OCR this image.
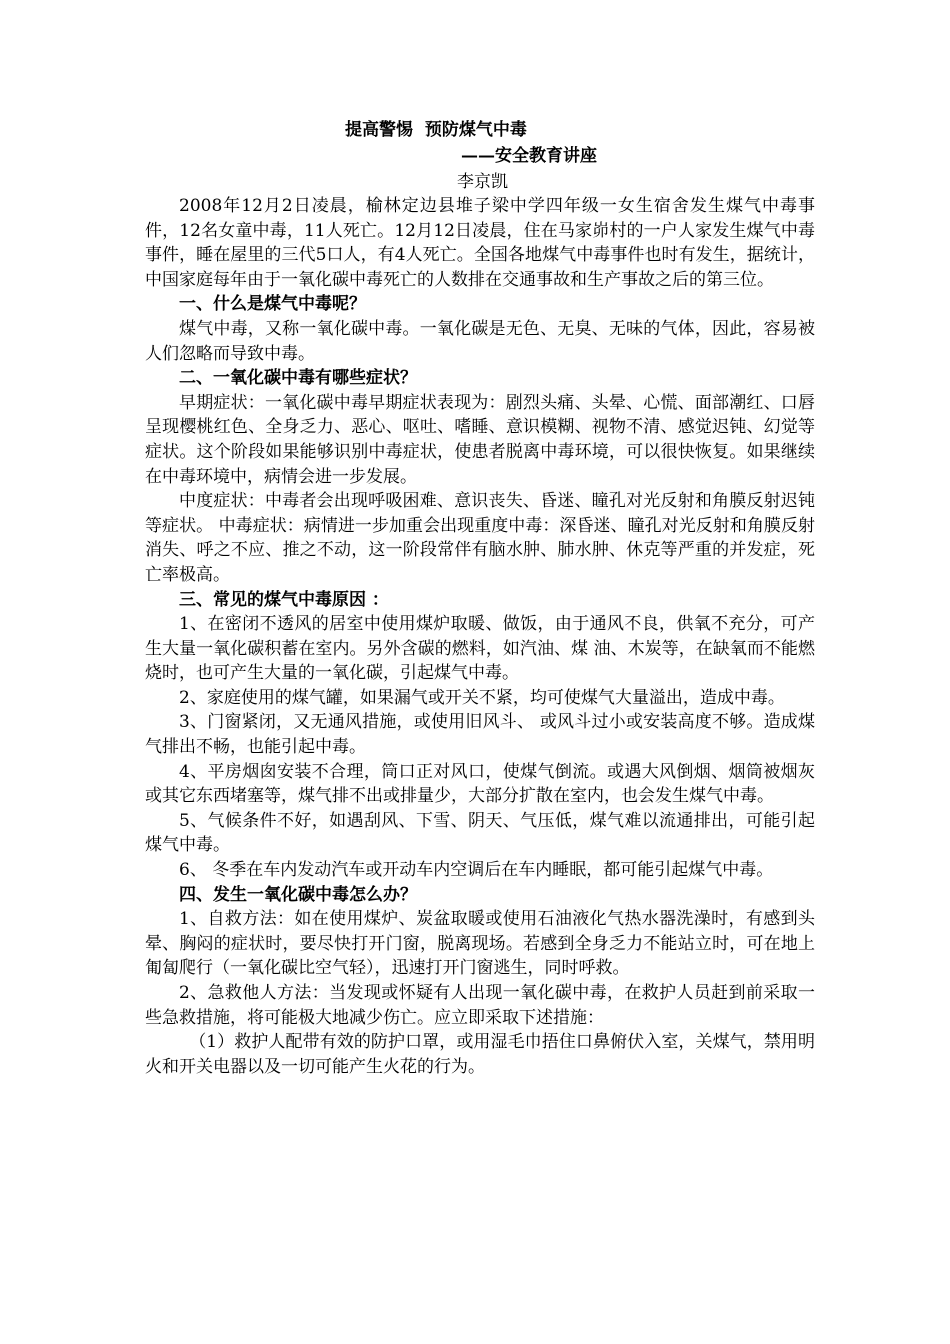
提高警惕  预防煤气中毒
——安全教育讲座
李京凯

2008年12月2日凌晨，榆林定边县堆子梁中学四年级一女生宿舍发生煤气中毒事件，12名女童中毒，11人死亡。12月12日凌晨，住在马家峁村的一户人家发生煤气中毒事件，睡在屋里的三代5口人，有4人死亡。全国各地煤气中毒事件也时有发生，据统计，中国家庭每年由于一氧化碳中毒死亡的人数排在交通事故和生产事故之后的第三位。

一、什么是煤气中毒呢？

煤气中毒，又称一氧化碳中毒。一氧化碳是无色、无臭、无味的气体，因此，容易被人们忽略而导致中毒。

二、一氧化碳中毒有哪些症状？

早期症状：一氧化碳中毒早期症状表现为：剧烈头痛、头晕、心慌、面部潮红、口唇呈现樱桃红色、全身乏力、恶心、呕吐、嗜睡、意识模糊、视物不清、感觉迟钝、幻觉等症状。这个阶段如果能够识别中毒症状，使患者脱离中毒环境，可以很快恢复。如果继续在中毒环境中，病情会进一步发展。

中度症状：中毒者会出现呼吸困难、意识丧失、昏迷、瞳孔对光反射和角膜反射迟钝等症状。 中毒症状：病情进一步加重会出现重度中毒：深昏迷、瞳孔对光反射和角膜反射消失、呼之不应、推之不动，这一阶段常伴有脑水肿、肺水肿、休克等严重的并发症，死亡率极高。

三、常见的煤气中毒原因 ：

1、在密闭不透风的居室中使用煤炉取暖、做饭，由于通风不良，供氧不充分，可产生大量一氧化碳积蓄在室内。另外含碳的燃料，如汽油、煤 油、木炭等，在缺氧而不能燃烧时，也可产生大量的一氧化碳，引起煤气中毒。

2、家庭使用的煤气罐，如果漏气或开关不紧，均可使煤气大量溢出，造成中毒。

3、门窗紧闭，又无通风措施，或使用旧风斗、 或风斗过小或安装高度不够。造成煤气排出不畅，也能引起中毒。

4、平房烟囱安装不合理，筒口正对风口，使煤气倒流。或遇大风倒烟、烟筒被烟灰或其它东西堵塞等，煤气排不出或排量少，大部分扩散在室内，也会发生煤气中毒。

5、气候条件不好，如遇刮风、下雪、阴天、气压低，煤气难以流通排出，可能引起煤气中毒。

6、 冬季在车内发动汽车或开动车内空调后在车内睡眠，都可能引起煤气中毒。

四、发生一氧化碳中毒怎么办？

1、自救方法：如在使用煤炉、炭盆取暖或使用石油液化气热水器洗澡时，有感到头晕、胸闷的症状时，要尽快打开门窗，脱离现场。若感到全身乏力不能站立时，可在地上匍匐爬行（一氧化碳比空气轻），迅速打开门窗逃生，同时呼救。

2、急救他人方法：当发现或怀疑有人出现一氧化碳中毒，在救护人员赶到前采取一些急救措施，将可能极大地减少伤亡。应立即采取下述措施：

（1）救护人配带有效的防护口罩，或用湿毛巾捂住口鼻俯伏入室，关煤气，禁用明火和开关电器以及一切可能产生火花的行为。
